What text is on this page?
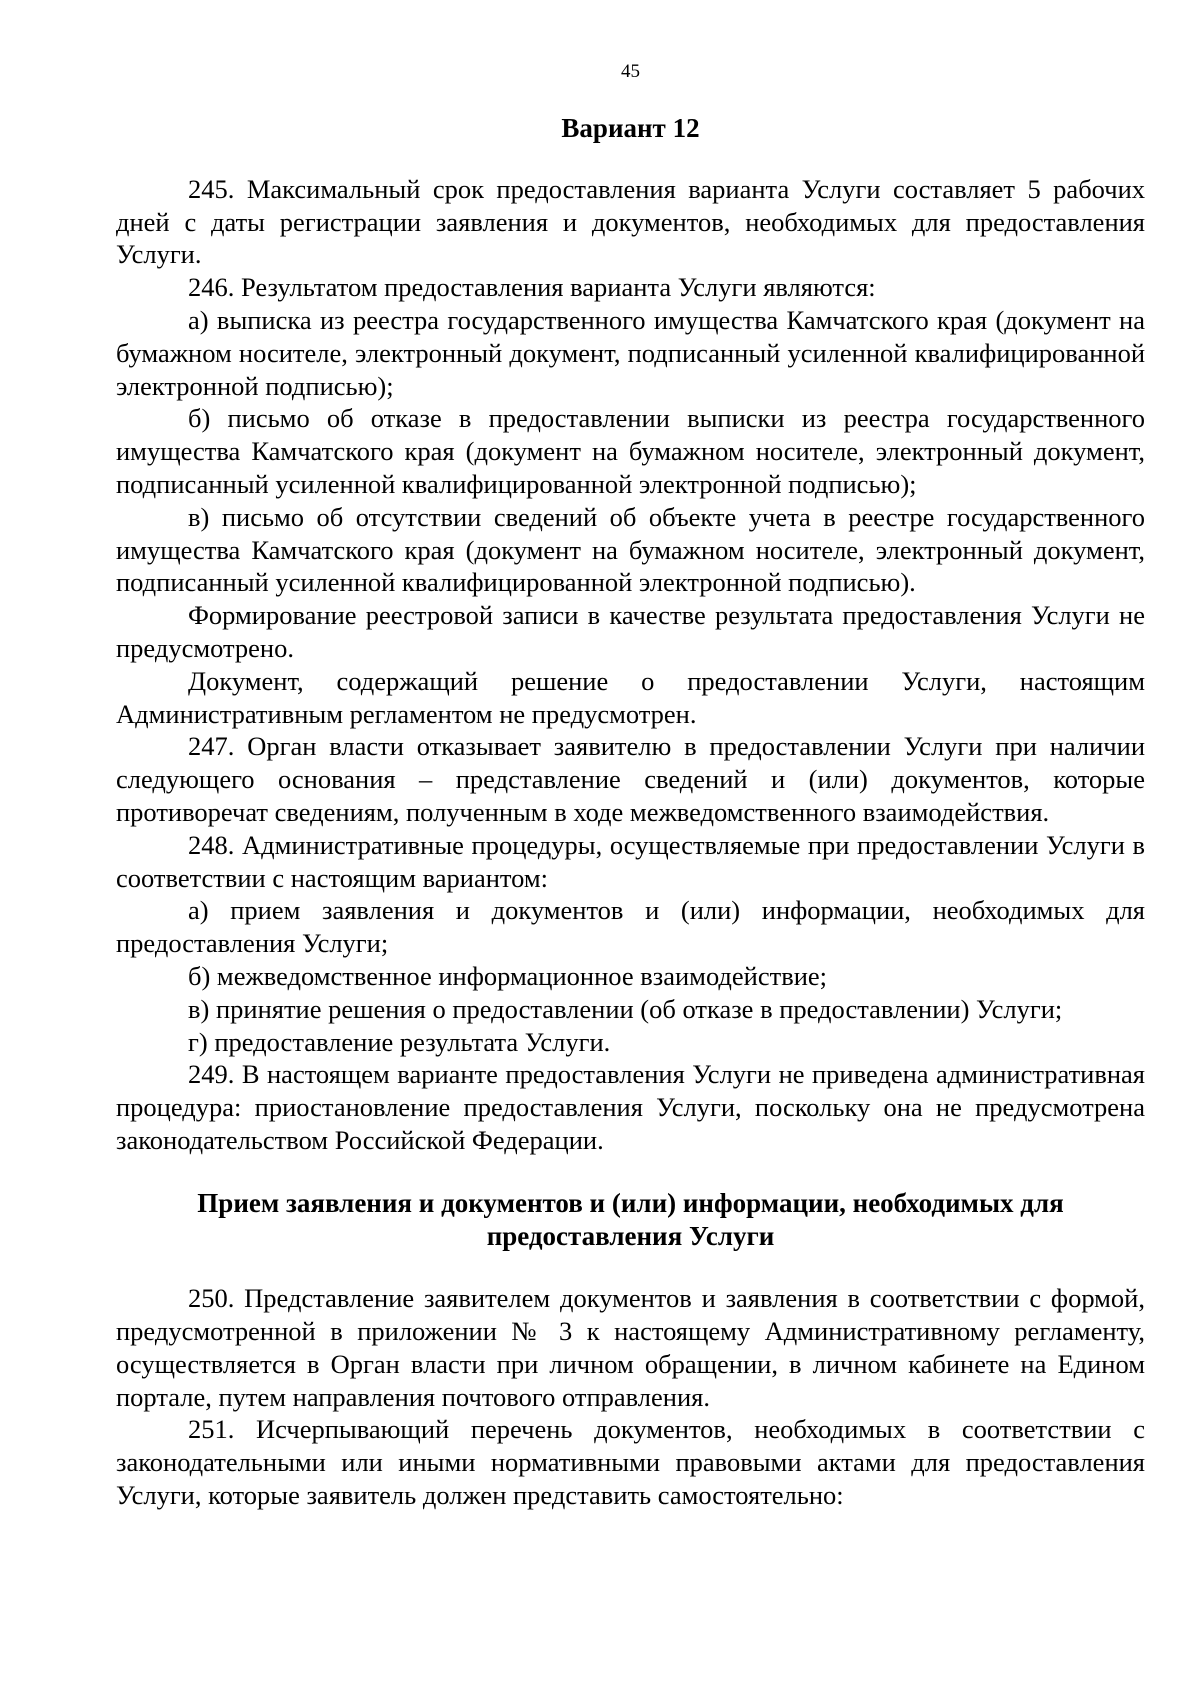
45
Вариант 12

245. Максимальный срок предоставления варианта Услуги составляет 5 рабочих дней с даты регистрации заявления и документов, необходимых для предоставления Услуги.

246. Результатом предоставления варианта Услуги являются:

а) выписка из реестра государственного имущества Камчатского края (документ на бумажном носителе, электронный документ, подписанный усиленной квалифицированной электронной подписью);

б) письмо об отказе в предоставлении выписки из реестра государственного имущества Камчатского края (документ на бумажном носителе, электронный документ, подписанный усиленной квалифицированной электронной подписью);

в) письмо об отсутствии сведений об объекте учета в реестре государственного имущества Камчатского края (документ на бумажном носителе, электронный документ, подписанный усиленной квалифицированной электронной подписью).

Формирование реестровой записи в качестве результата предоставления Услуги не предусмотрено.

Документ, содержащий решение о предоставлении Услуги, настоящим Административным регламентом не предусмотрен.

247. Орган власти отказывает заявителю в предоставлении Услуги при наличии следующего основания – представление сведений и (или) документов, которые противоречат сведениям, полученным в ходе межведомственного взаимодействия.

248. Административные процедуры, осуществляемые при предоставлении Услуги в соответствии с настоящим вариантом:

а) прием заявления и документов и (или) информации, необходимых для предоставления Услуги;

б) межведомственное информационное взаимодействие;

в) принятие решения о предоставлении (об отказе в предоставлении) Услуги;

г) предоставление результата Услуги.

249. В настоящем варианте предоставления Услуги не приведена административная процедура: приостановление предоставления Услуги, поскольку она не предусмотрена законодательством Российской Федерации.

Прием заявления и документов и (или) информации, необходимых для
предоставления Услуги

250. Представление заявителем документов и заявления в соответствии с формой, предусмотренной в приложении № 3 к настоящему Административному регламенту, осуществляется в Орган власти при личном обращении, в личном кабинете на Едином портале, путем направления почтового отправления.

251. Исчерпывающий перечень документов, необходимых в соответствии с законодательными или иными нормативными правовыми актами для предоставления Услуги, которые заявитель должен представить самостоятельно:
